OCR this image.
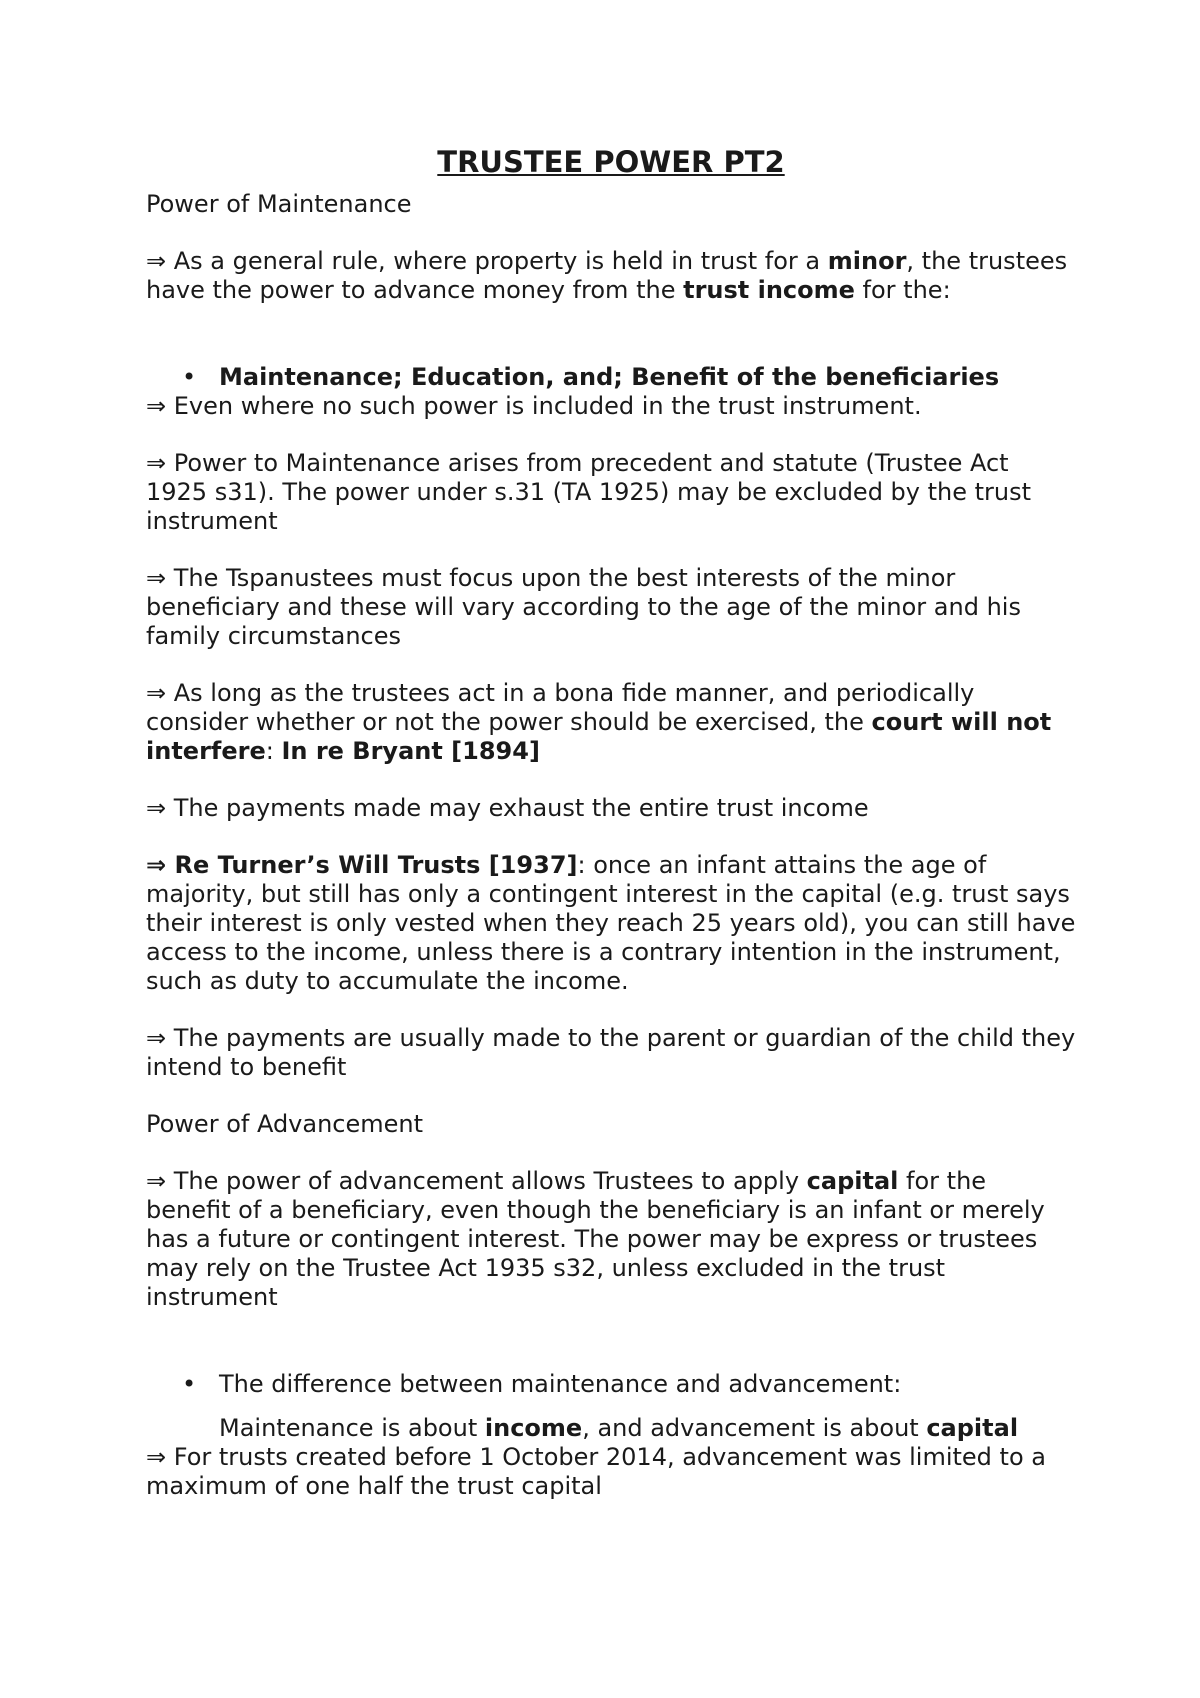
TRUSTEE POWER PT2

Power of Maintenance

⇒ As a general rule, where property is held in trust for a minor, the trustees have the power to advance money from the trust income for the:

• Maintenance; Education, and; Benefit of the beneficiaries

⇒ Even where no such power is included in the trust instrument.

⇒ Power to Maintenance arises from precedent and statute (Trustee Act 1925 s31). The power under s.31 (TA 1925) may be excluded by the trust instrument

⇒ The Tspanustees must focus upon the best interests of the minor beneficiary and these will vary according to the age of the minor and his family circumstances

⇒ As long as the trustees act in a bona fide manner, and periodically consider whether or not the power should be exercised, the court will not interfere: In re Bryant [1894]

⇒ The payments made may exhaust the entire trust income

⇒ Re Turner’s Will Trusts [1937]: once an infant attains the age of majority, but still has only a contingent interest in the capital (e.g. trust says their interest is only vested when they reach 25 years old), you can still have access to the income, unless there is a contrary intention in the instrument, such as duty to accumulate the income.

⇒ The payments are usually made to the parent or guardian of the child they intend to benefit

Power of Advancement

⇒ The power of advancement allows Trustees to apply capital for the benefit of a beneficiary, even though the beneficiary is an infant or merely has a future or contingent interest. The power may be express or trustees may rely on the Trustee Act 1935 s32, unless excluded in the trust instrument

• The difference between maintenance and advancement:

Maintenance is about income, and advancement is about capital

⇒ For trusts created before 1 October 2014, advancement was limited to a maximum of one half the trust capital
